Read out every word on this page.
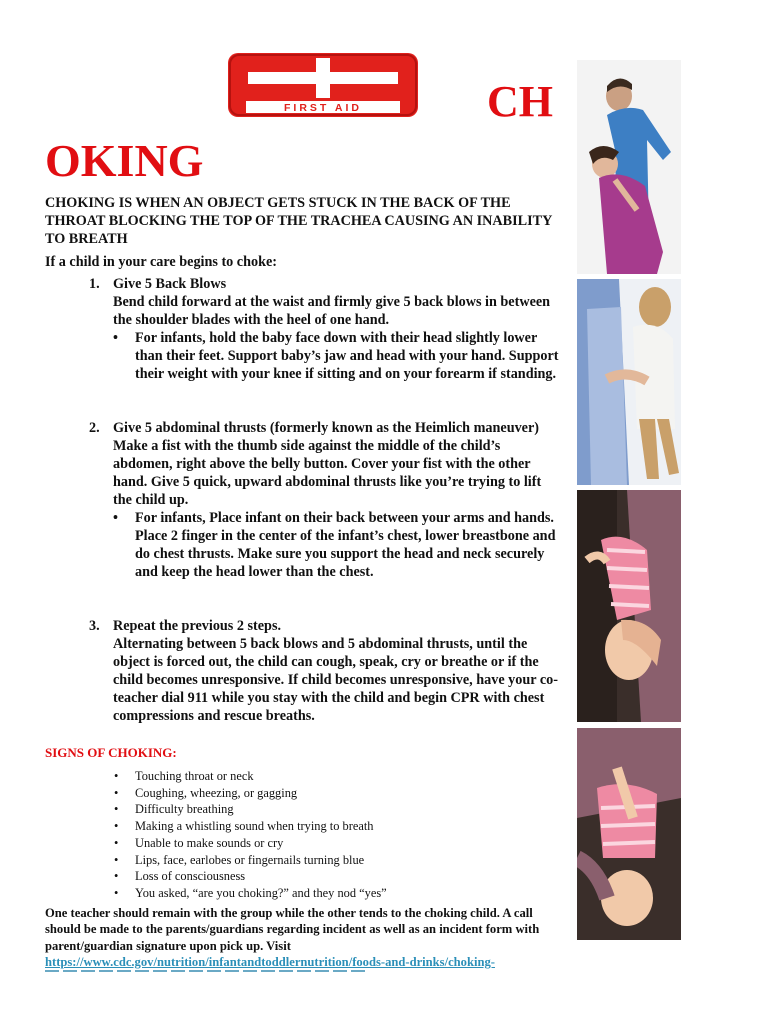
FIRST AID	CH
OKING
CHOKING IS WHEN AN OBJECT GETS STUCK IN THE BACK OF THE THROAT BLOCKING THE TOP OF THE TRACHEA CAUSING AN INABILITY TO BREATH
If a child in your care begins to choke:
1. Give 5 Back Blows
Bend child forward at the waist and firmly give 5 back blows in between the shoulder blades with the heel of one hand.
• For infants, hold the baby face down with their head slightly lower than their feet. Support baby’s jaw and head with your hand. Support their weight with your knee if sitting and on your forearm if standing.
2. Give 5 abdominal thrusts (formerly known as the Heimlich maneuver)
Make a fist with the thumb side against the middle of the child’s abdomen, right above the belly button. Cover your fist with the other hand. Give 5 quick, upward abdominal thrusts like you’re trying to lift the child up.
• For infants, Place infant on their back between your arms and hands. Place 2 finger in the center of the infant’s chest, lower breastbone and do chest thrusts. Make sure you support the head and neck securely and keep the head lower than the chest.
3. Repeat the previous 2 steps.
Alternating between 5 back blows and 5 abdominal thrusts, until the object is forced out, the child can cough, speak, cry or breathe or if the child becomes unresponsive. If child becomes unresponsive, have your co-teacher dial 911 while you stay with the child and begin CPR with chest compressions and rescue breaths.
SIGNS OF CHOKING:
• Touching throat or neck
• Coughing, wheezing, or gagging
• Difficulty breathing
• Making a whistling sound when trying to breath
• Unable to make sounds or cry
• Lips, face, earlobes or fingernails turning blue
• Loss of consciousness
• You asked, “are you choking?” and they nod “yes”
One teacher should remain with the group while the other tends to the choking child. A call should be made to the parents/guardians regarding incident as well as an incident form with parent/guardian signature upon pick up. Visit
https://www.cdc.gov/nutrition/infantandtoddlernutrition/foods-and-drinks/choking-
